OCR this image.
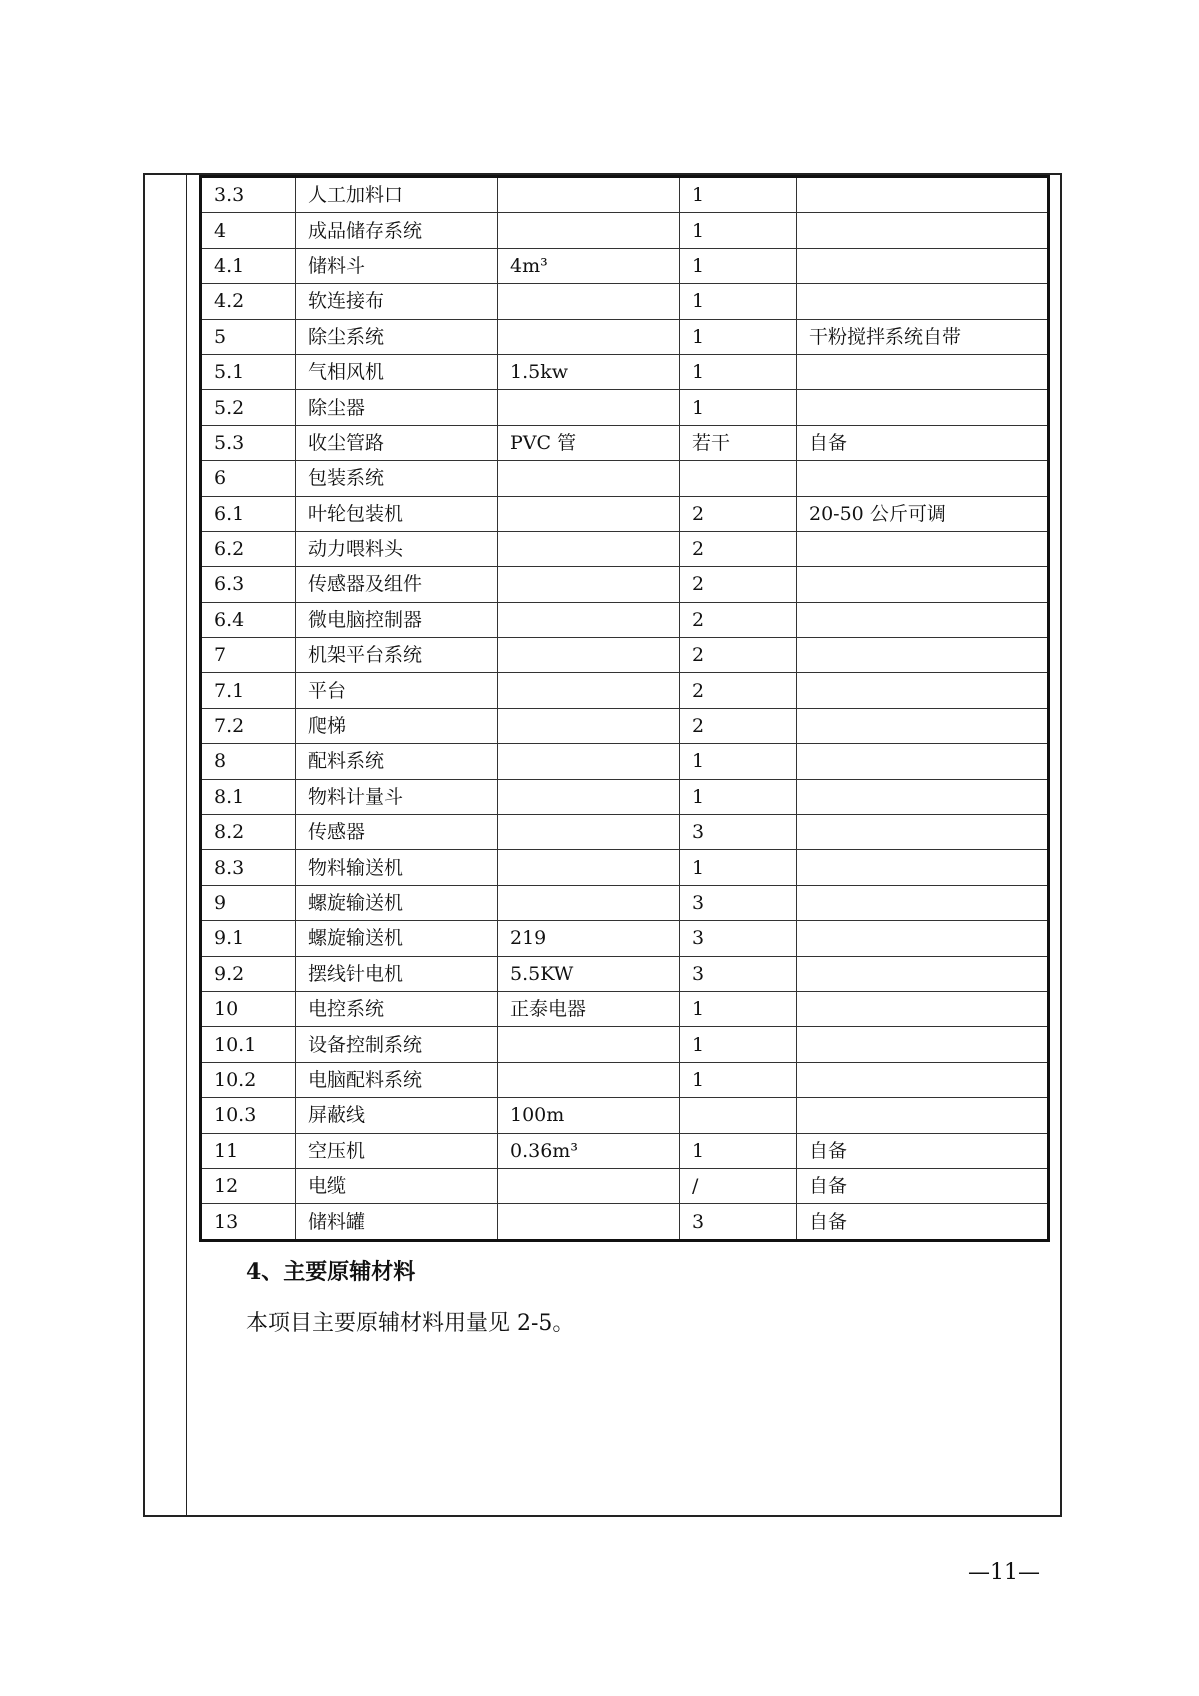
3.3	人工加料口		1	
4	成品储存系统		1	
4.1	储料斗	4m³	1	
4.2	软连接布		1	
5	除尘系统		1	干粉搅拌系统自带
5.1	气相风机	1.5kw	1	
5.2	除尘器		1	
5.3	收尘管路	PVC 管	若干	自备
6	包装系统			
6.1	叶轮包装机		2	20-50 公斤可调
6.2	动力喂料头		2	
6.3	传感器及组件		2	
6.4	微电脑控制器		2	
7	机架平台系统		2	
7.1	平台		2	
7.2	爬梯		2	
8	配料系统		1	
8.1	物料计量斗		1	
8.2	传感器		3	
8.3	物料输送机		1	
9	螺旋输送机		3	
9.1	螺旋输送机	219	3	
9.2	摆线针电机	5.5KW	3	
10	电控系统	正泰电器	1	
10.1	设备控制系统		1	
10.2	电脑配料系统		1	
10.3	屏蔽线	100m		
11	空压机	0.36m³	1	自备
12	电缆		/	自备
13	储料罐		3	自备
4、主要原辅材料

本项目主要原辅材料用量见 2-5。

—11—
